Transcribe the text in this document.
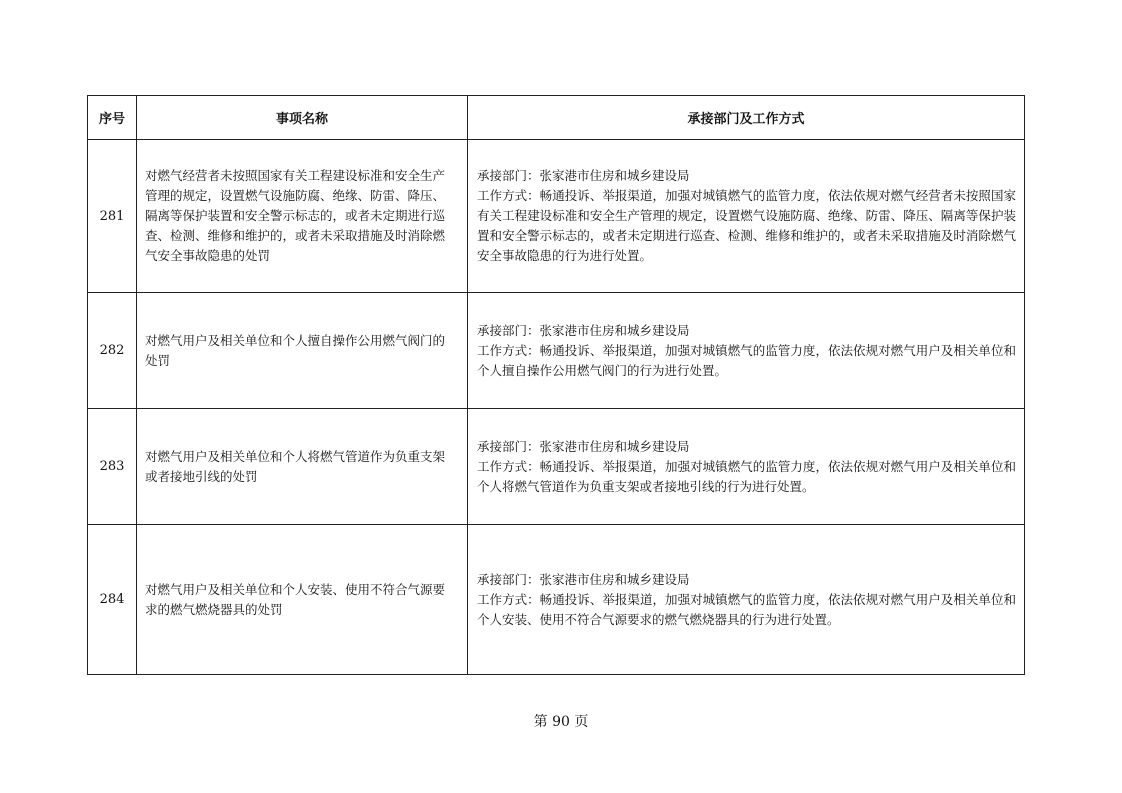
序号	事项名称	承接部门及工作方式
281	对燃气经营者未按照国家有关工程建设标准和安全生产管理的规定，设置燃气设施防腐、绝缘、防雷、降压、隔离等保护装置和安全警示标志的，或者未定期进行巡查、检测、维修和维护的，或者未采取措施及时消除燃气安全事故隐患的处罚	承接部门：张家港市住房和城乡建设局
工作方式：畅通投诉、举报渠道，加强对城镇燃气的监管力度，依法依规对燃气经营者未按照国家有关工程建设标准和安全生产管理的规定，设置燃气设施防腐、绝缘、防雷、降压、隔离等保护装置和安全警示标志的，或者未定期进行巡查、检测、维修和维护的，或者未采取措施及时消除燃气安全事故隐患的行为进行处置。

282	对燃气用户及相关单位和个人擅自操作公用燃气阀门的处罚	承接部门：张家港市住房和城乡建设局
工作方式：畅通投诉、举报渠道，加强对城镇燃气的监管力度，依法依规对燃气用户及相关单位和个人擅自操作公用燃气阀门的行为进行处置。

283	对燃气用户及相关单位和个人将燃气管道作为负重支架或者接地引线的处罚	承接部门：张家港市住房和城乡建设局
工作方式：畅通投诉、举报渠道，加强对城镇燃气的监管力度，依法依规对燃气用户及相关单位和个人将燃气管道作为负重支架或者接地引线的行为进行处置。

284	对燃气用户及相关单位和个人安装、使用不符合气源要求的燃气燃烧器具的处罚	承接部门：张家港市住房和城乡建设局
工作方式：畅通投诉、举报渠道，加强对城镇燃气的监管力度，依法依规对燃气用户及相关单位和个人安装、使用不符合气源要求的燃气燃烧器具的行为进行处置。
第 90 页
